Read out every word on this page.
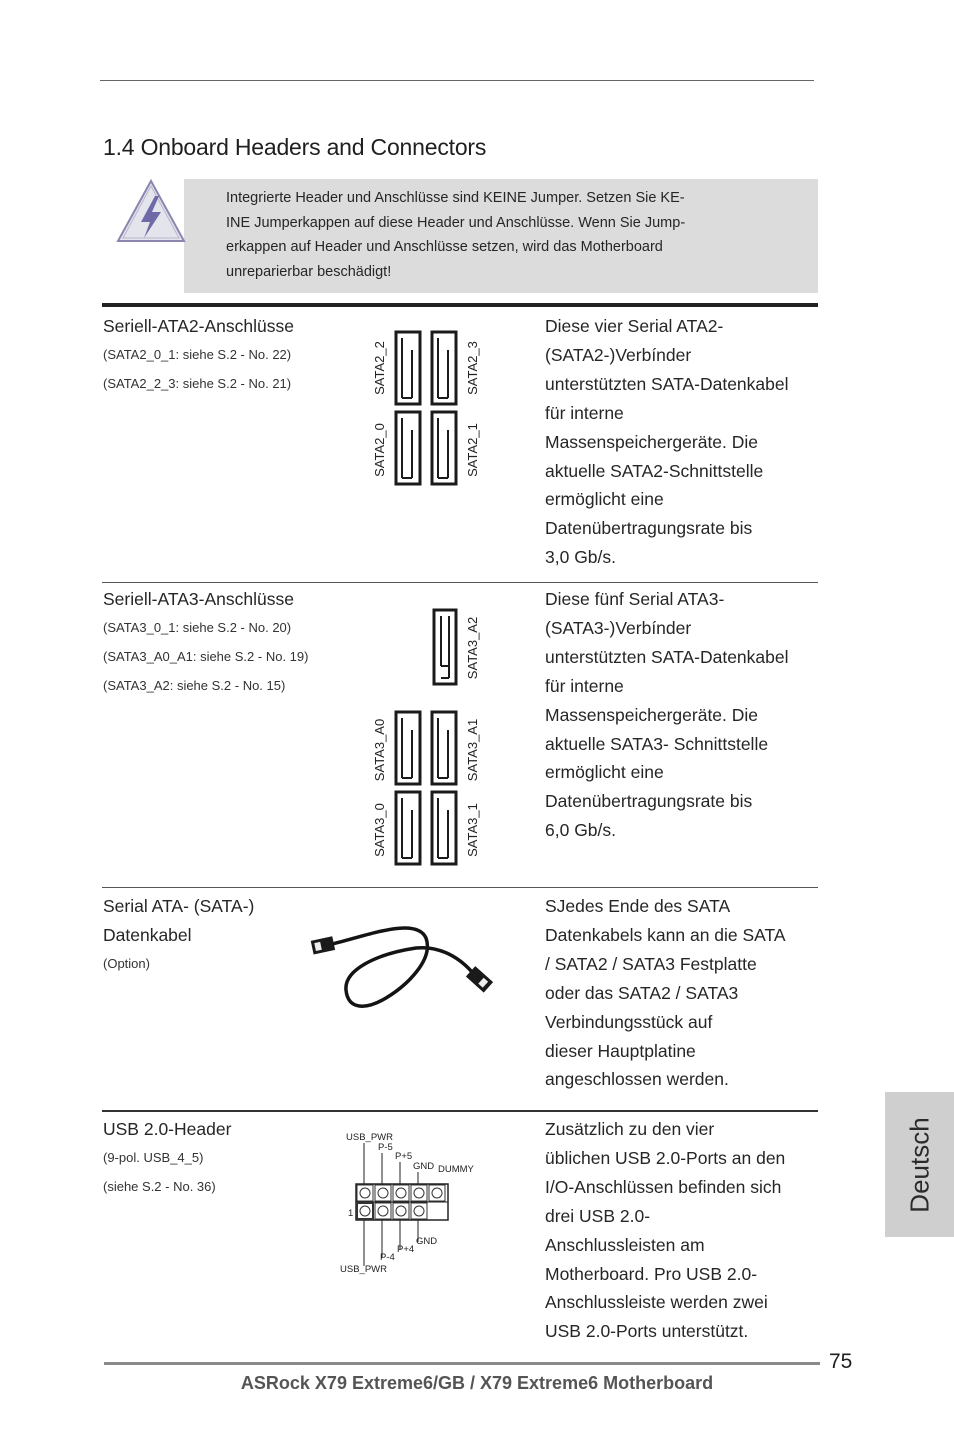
1.4 Onboard Headers and Connectors
Integrierte Header und Anschlüsse sind KEINE Jumper. Setzen Sie KE-
INE Jumperkappen auf diese Header und Anschlüsse. Wenn Sie Jump-
erkappen auf Header und Anschlüsse setzen, wird das Motherboard
unreparierbar beschädigt!
Seriell-ATA2-Anschlüsse
(SATA2_0_1: siehe S.2 - No. 22)
(SATA2_2_3: siehe S.2 - No. 21)	SATA2_2	SATA2_3
SATA2_0	SATA2_1
Diese vier Serial ATA2-
(SATA2-)Verbínder
unterstützten SATA-Datenkabel
für interne
Massenspeichergeräte. Die
aktuelle SATA2-Schnittstelle
ermöglicht eine
Datenübertragungsrate bis
3,0 Gb/s.
Seriell-ATA3-Anschlüsse
(SATA3_0_1: siehe S.2 - No. 20)
(SATA3_A0_A1: siehe S.2 - No. 19)
(SATA3_A2: siehe S.2 - No. 15)
SATA3_A2
SATA3_A0	SATA3_A1
SATA3_0	SATA3_1
Diese fünf Serial ATA3-
(SATA3-)Verbínder
unterstützten SATA-Datenkabel
für interne
Massenspeichergeräte. Die
aktuelle SATA3- Schnittstelle
ermöglicht eine
Datenübertragungsrate bis
6,0 Gb/s.
Serial ATA- (SATA-)
Datenkabel
(Option)
SJedes Ende des SATA
Datenkabels kann an die SATA
/ SATA2 / SATA3 Festplatte
oder das SATA2 / SATA3
Verbindungsstück auf
dieser Hauptplatine
angeschlossen werden.
USB 2.0-Header
(9-pol. USB_4_5)
(siehe S.2 - No. 36)
USB_PWR
P-5
P+5
GND DUMMY
1
GND
P+4
P-4
USB_PWR
Zusätzlich zu den vier
üblichen USB 2.0-Ports an den
I/O-Anschlüssen befinden sich
drei USB 2.0-
Anschlussleisten am
Motherboard. Pro USB 2.0-
Anschlussleiste werden zwei
USB 2.0-Ports unterstützt.
Deutsch
75
ASRock X79 Extreme6/GB / X79 Extreme6 Motherboard
